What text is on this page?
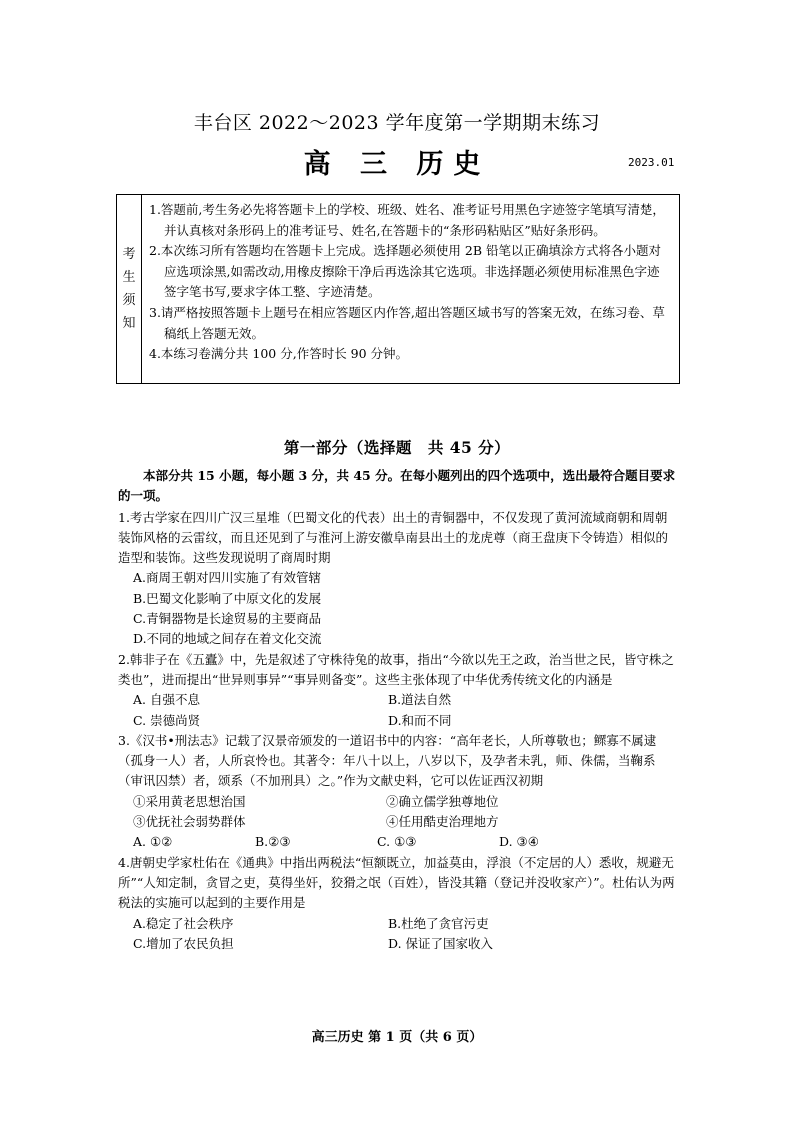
丰台区 2022～2023 学年度第一学期期末练习
高 三 历史	2023.01
考
生
须
知
1.答题前,考生务必先将答题卡上的学校、班级、姓名、准考证号用黑色字迹签字笔填写清楚，并认真核对条形码上的准考证号、姓名,在答题卡的“条形码粘贴区”贴好条形码。
2.本次练习所有答题均在答题卡上完成。选择题必须使用 2B 铅笔以正确填涂方式将各小题对应选项涂黑,如需改动,用橡皮擦除干净后再选涂其它选项。非选择题必须使用标准黑色字迹签字笔书写,要求字体工整、字迹清楚。
3.请严格按照答题卡上题号在相应答题区内作答,超出答题区域书写的答案无效，在练习卷、草稿纸上答题无效。
4.本练习卷满分共 100 分,作答时长 90 分钟。
第一部分（选择题　共 45 分）
本部分共 15 小题，每小题 3 分，共 45 分。在每小题列出的四个选项中，选出最符合题目要求的一项。
1.考古学家在四川广汉三星堆（巴蜀文化的代表）出土的青铜器中，不仅发现了黄河流域商朝和周朝装饰风格的云雷纹，而且还见到了与淮河上游安徽阜南县出土的龙虎尊（商王盘庚下令铸造）相似的造型和装饰。这些发现说明了商周时期
A.商周王朝对四川实施了有效管辖
B.巴蜀文化影响了中原文化的发展
C.青铜器物是长途贸易的主要商品
D.不同的地域之间存在着文化交流
2.韩非子在《五蠹》中，先是叙述了守株待兔的故事，指出“今欲以先王之政，治当世之民，皆守株之类也”，进而提出“世异则事异”“事异则备变”。这些主张体现了中华优秀传统文化的内涵是
A. 自强不息	B.道法自然
C. 崇德尚贤	D.和而不同
3.《汉书•刑法志》记载了汉景帝颁发的一道诏书中的内容：“高年老长，人所尊敬也；鳏寡不属逮（孤身一人）者，人所哀怜也。其著令：年八十以上，八岁以下，及孕者未乳，师、侏儒，当鞠系（审讯囚禁）者，颂系（不加刑具）之。”作为文献史料，它可以佐证西汉初期
①采用黄老思想治国	②确立儒学独尊地位
③优抚社会弱势群体	④任用酷吏治理地方
A. ①②	B.②③	C. ①③	D. ③④
4.唐朝史学家杜佑在《通典》中指出两税法“恒额既立，加益莫由，浮浪（不定居的人）悉收，规避无所”“人知定制，贪冒之吏，莫得坐奸，狡猾之氓（百姓），皆没其籍（登记并没收家产）”。杜佑认为两税法的实施可以起到的主要作用是
A.稳定了社会秩序	B.杜绝了贪官污吏
C.增加了农民负担	D. 保证了国家收入
高三历史 第 1 页（共 6 页）
